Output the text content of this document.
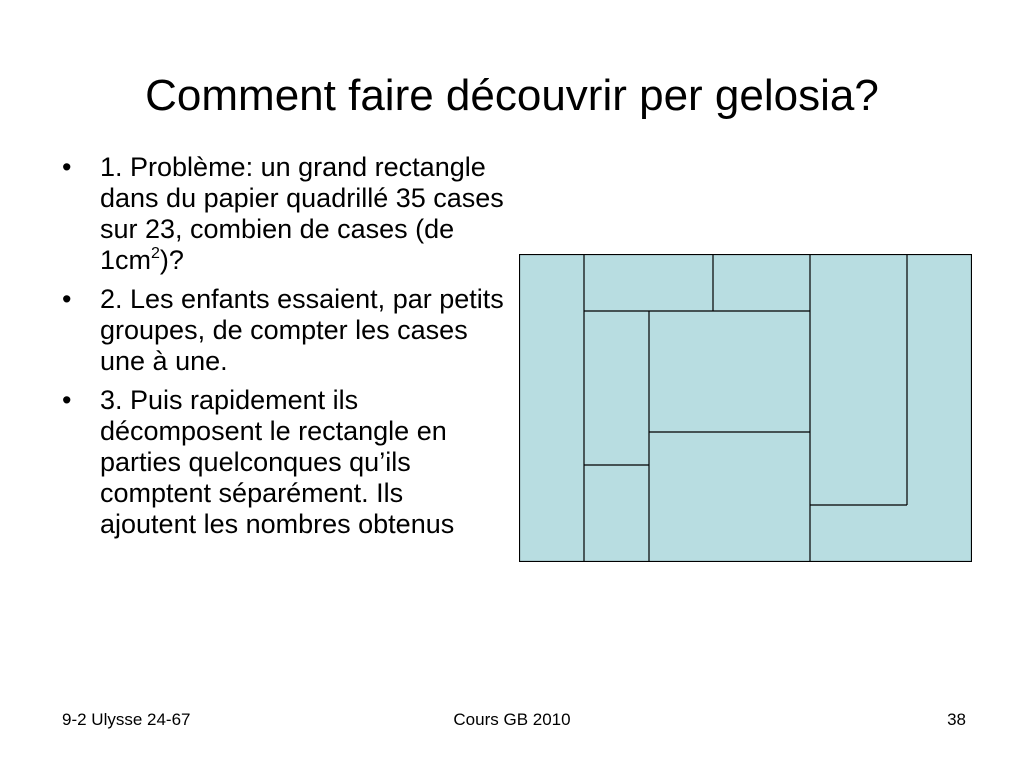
Comment faire découvrir per gelosia?
• 1. Problème: un grand rectangle dans du papier quadrillé 35 cases sur 23, combien de cases (de $1cm^2$)?
• 2. Les enfants essaient, par petits groupes, de compter les cases une à une.
• 3. Puis rapidement ils décomposent le rectangle en parties quelconques qu’ils comptent séparément. Ils ajoutent les nombres obtenus
9-2 Ulysse 24-67	Cours GB 2010	38
